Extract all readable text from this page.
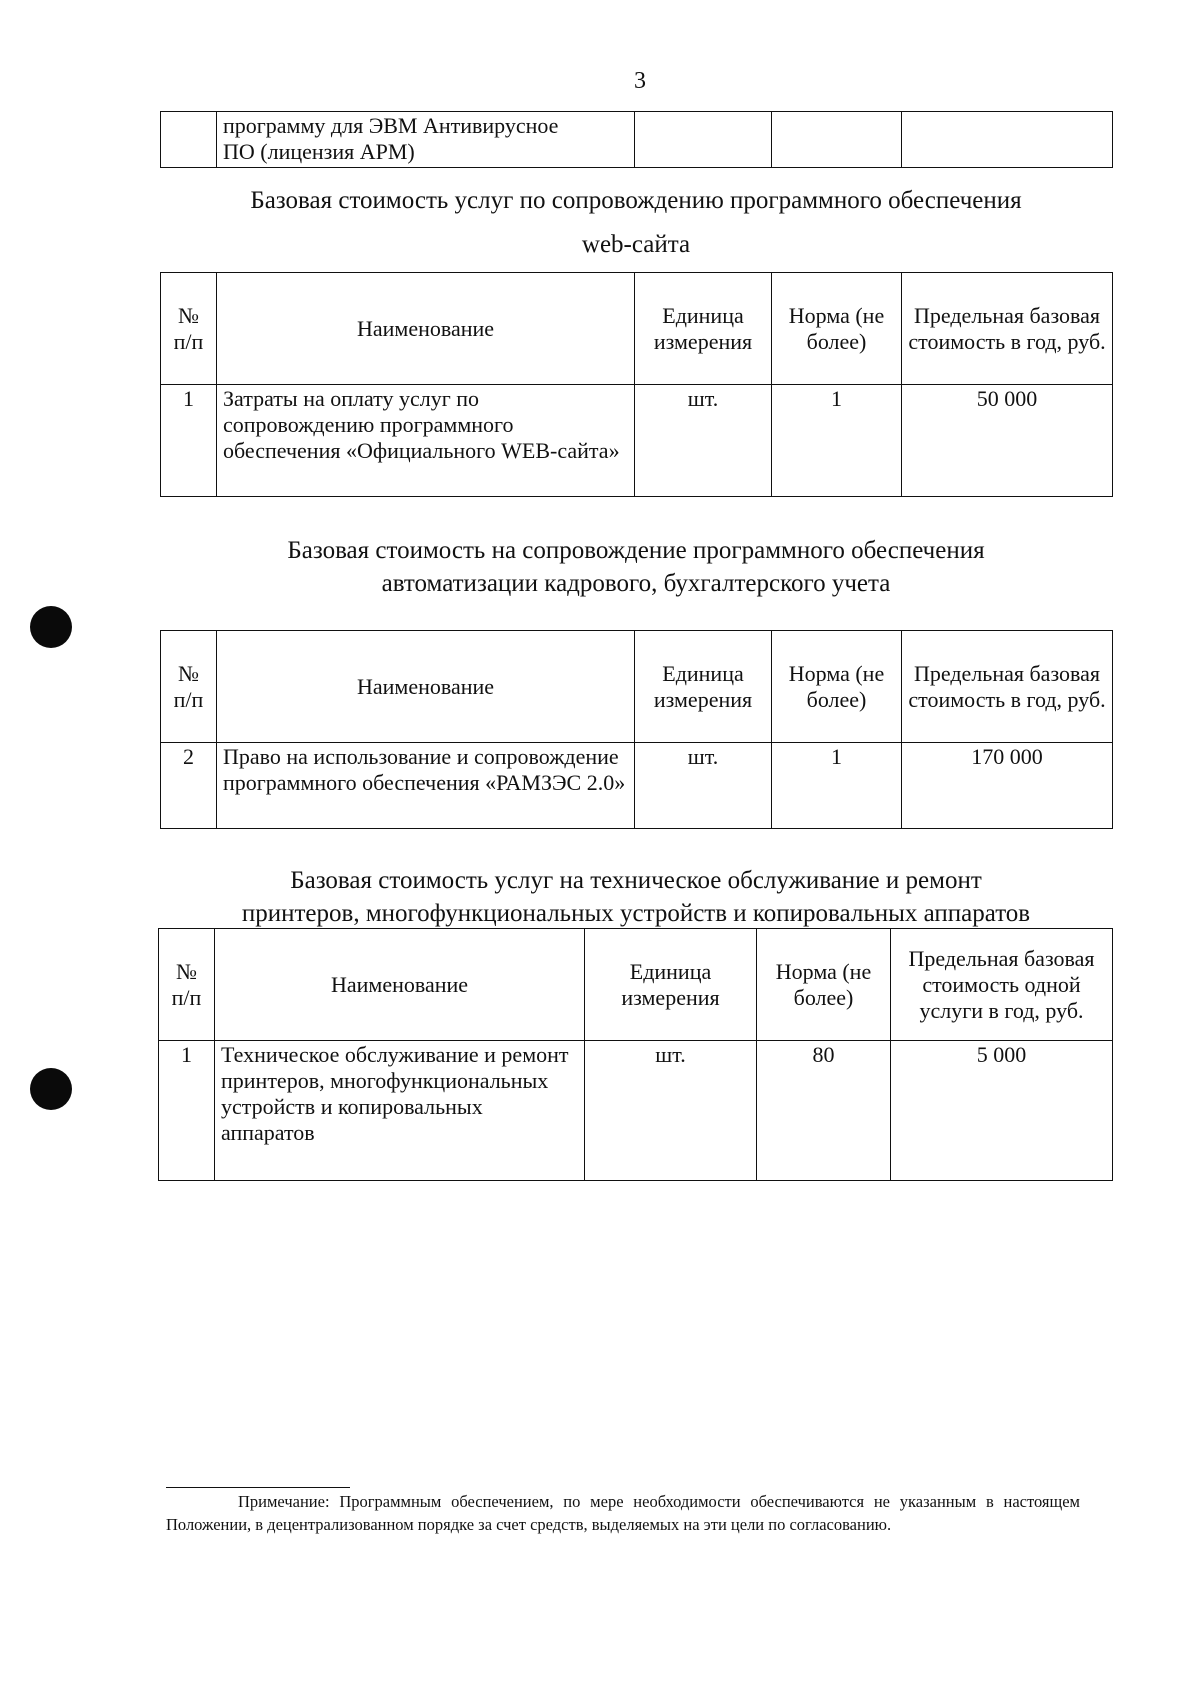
3

программу для ЭВМ Антивирусное
ПО (лицензия АРМ)

Базовая стоимость услуг по сопровождению программного обеспечения
web-сайта
№ п/п	Наименование	Единица измерения	Норма (не более)	Предельная базовая стоимость в год, руб.
1	Затраты на оплату услуг по сопровождению программного обеспечения «Официального WEB-сайта»	шт.	1	50 000
Базовая стоимость на сопровождение программного обеспечения
автоматизации кадрового, бухгалтерского учета
№ п/п	Наименование	Единица измерения	Норма (не более)	Предельная базовая стоимость в год, руб.
2	Право на использование и сопровождение программного обеспечения «РАМЗЭС 2.0»	шт.	1	170 000
Базовая стоимость услуг на техническое обслуживание и ремонт
принтеров, многофункциональных устройств и копировальных аппаратов
№ п/п	Наименование	Единица измерения	Норма (не более)	Предельная базовая стоимость одной услуги в год, руб.
1	Техническое обслуживание и ремонт принтеров, многофункциональных устройств и копировальных аппаратов	шт.	80	5 000
Примечание: Программным обеспечением, по мере необходимости обеспечиваются не указанным в настоящем Положении, в децентрализованном порядке за счет средств, выделяемых на эти цели по согласованию.
